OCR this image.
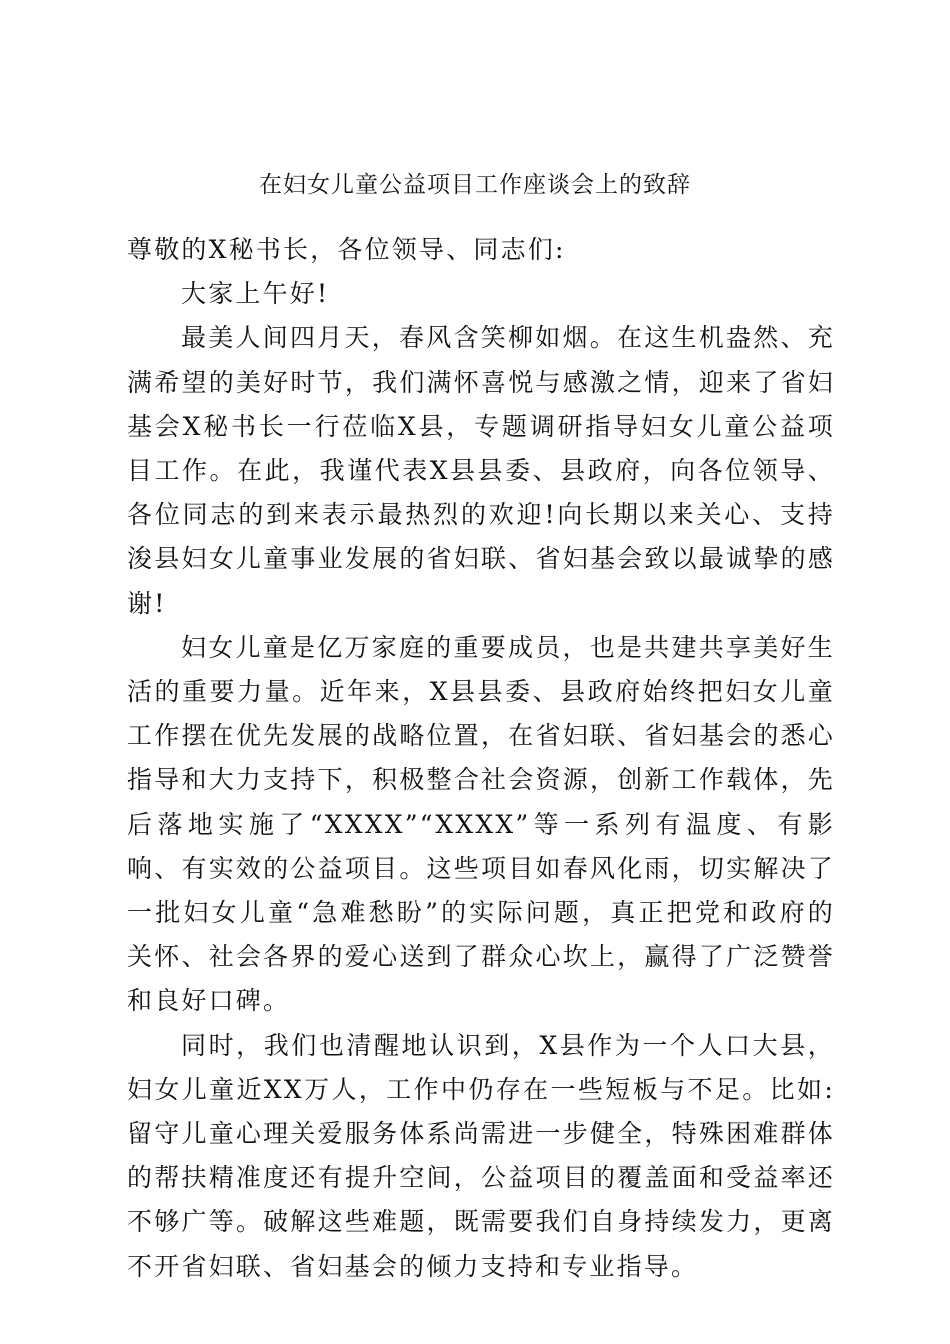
在妇女儿童公益项目工作座谈会上的致辞

尊敬的X秘书长，各位领导、同志们:

大家上午好!

最美人间四月天，春风含笑柳如烟。在这生机盎然、充满希望的美好时节，我们满怀喜悦与感激之情，迎来了省妇基会X秘书长一行莅临X县，专题调研指导妇女儿童公益项目工作。在此，我谨代表X县县委、县政府，向各位领导、各位同志的到来表示最热烈的欢迎!向长期以来关心、支持浚县妇女儿童事业发展的省妇联、省妇基会致以最诚挚的感谢!

妇女儿童是亿万家庭的重要成员，也是共建共享美好生活的重要力量。近年来，X县县委、县政府始终把妇女儿童工作摆在优先发展的战略位置，在省妇联、省妇基会的悉心指导和大力支持下，积极整合社会资源，创新工作载体，先后落地实施了“XXXX”“XXXX”等一系列有温度、有影响、有实效的公益项目。这些项目如春风化雨，切实解决了一批妇女儿童“急难愁盼”的实际问题，真正把党和政府的关怀、社会各界的爱心送到了群众心坎上，赢得了广泛赞誉和良好口碑。

同时，我们也清醒地认识到，X县作为一个人口大县，妇女儿童近XX万人，工作中仍存在一些短板与不足。比如:留守儿童心理关爱服务体系尚需进一步健全，特殊困难群体的帮扶精准度还有提升空间，公益项目的覆盖面和受益率还不够广等。破解这些难题，既需要我们自身持续发力，更离不开省妇联、省妇基会的倾力支持和专业指导。
